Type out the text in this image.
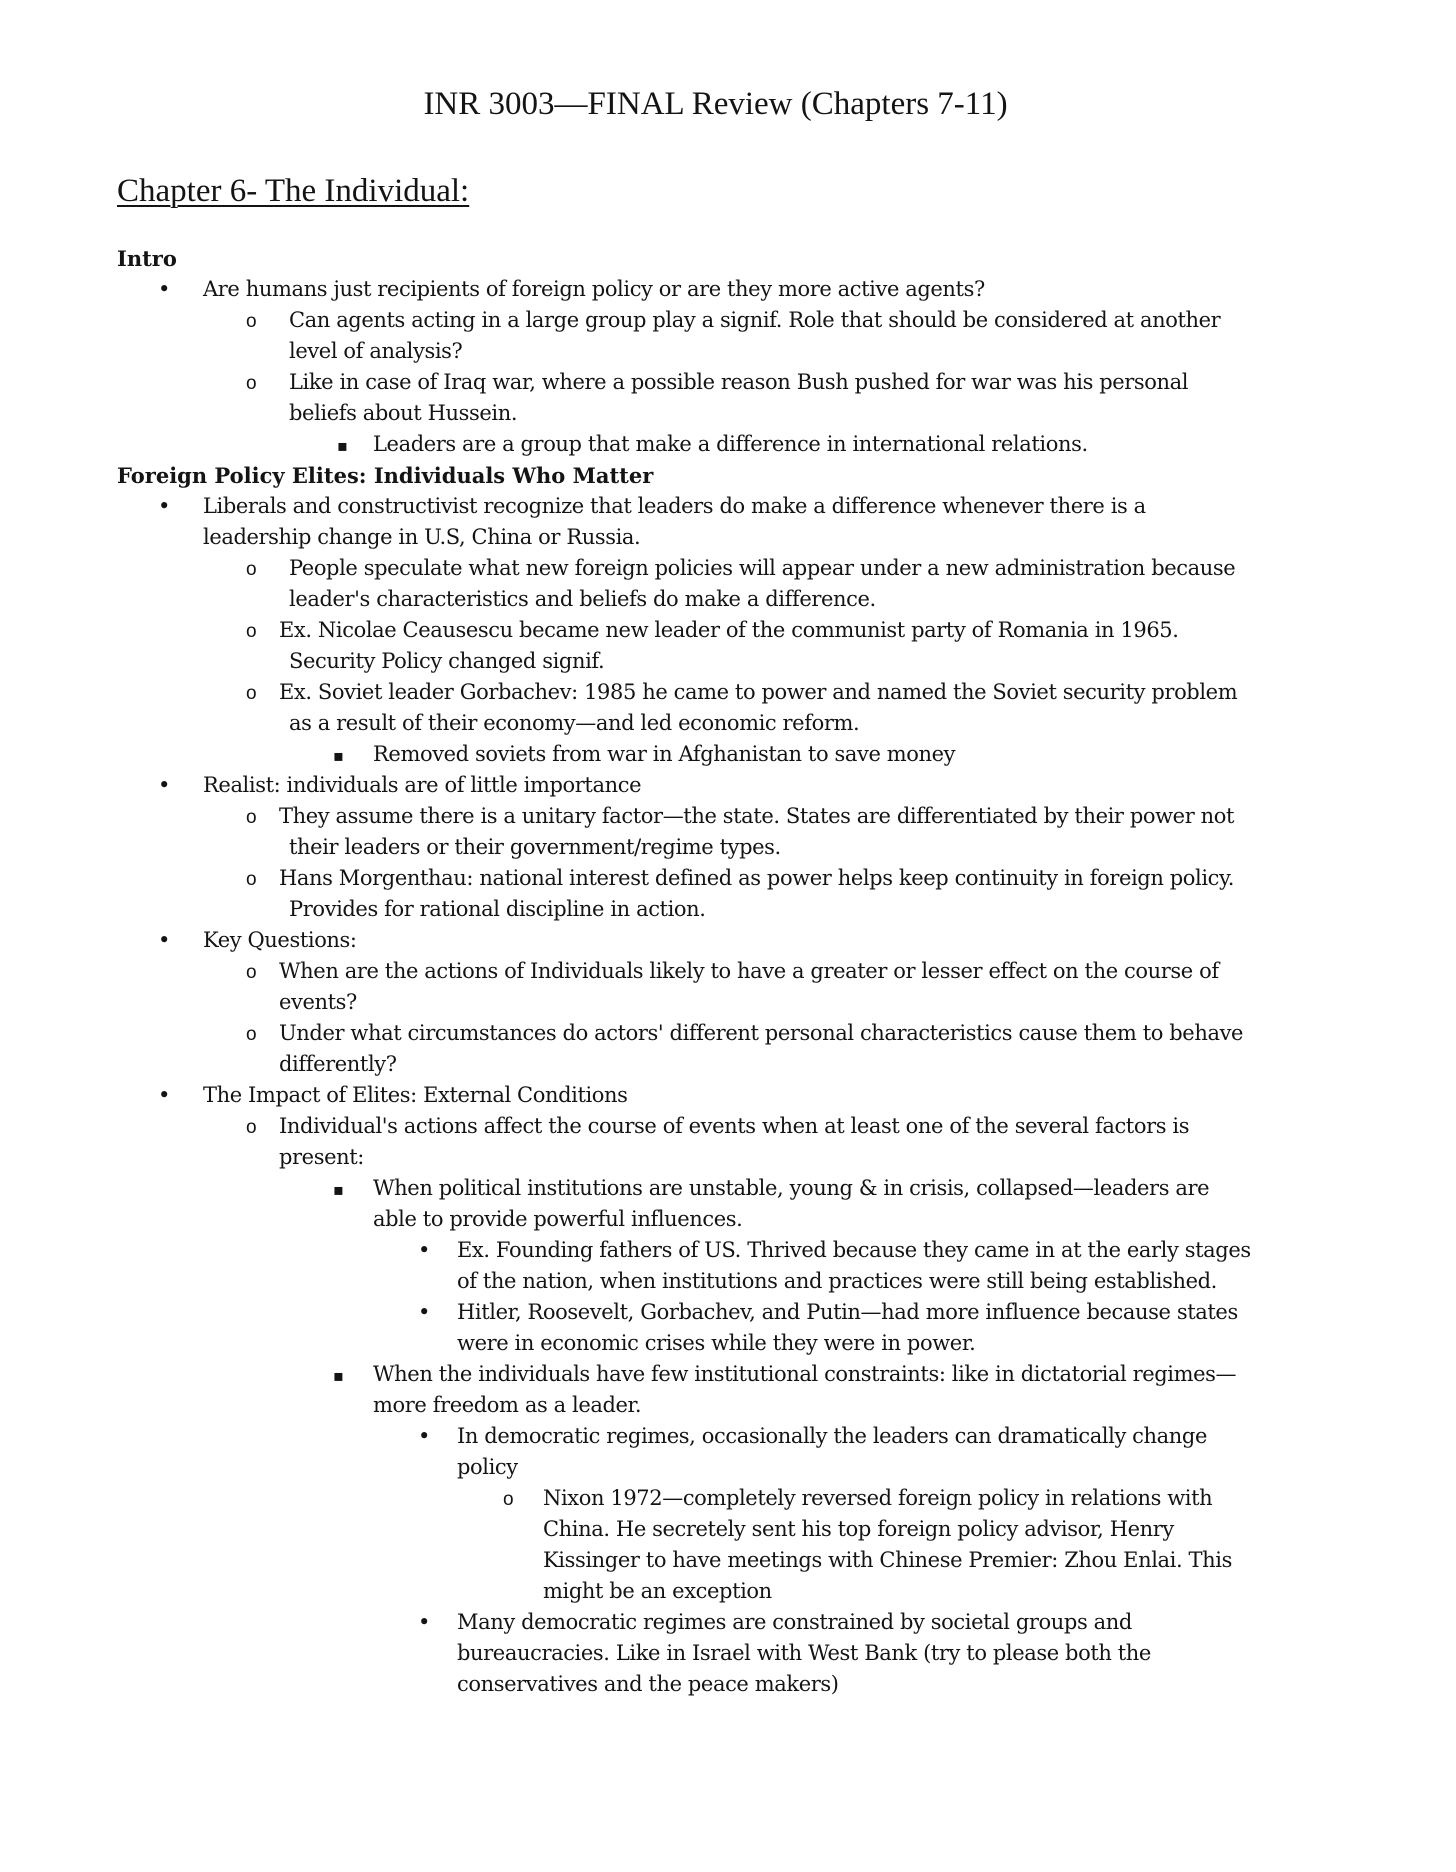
INR 3003—FINAL Review (Chapters 7-11)
Chapter 6- The Individual:
Intro
•
Are humans just recipients of foreign policy or are they more active agents?
o
Can agents acting in a large group play a signif. Role that should be considered at another
level of analysis?
o
Like in case of Iraq war, where a possible reason Bush pushed for war was his personal
beliefs about Hussein.
▪
Leaders are a group that make a difference in international relations.
Foreign Policy Elites: Individuals Who Matter
•
Liberals and constructivist recognize that leaders do make a difference whenever there is a
leadership change in U.S, China or Russia.
o
People speculate what new foreign policies will appear under a new administration because
leader's characteristics and beliefs do make a difference.
o
Ex. Nicolae Ceausescu became new leader of the communist party of Romania in 1965.
Security Policy changed signif.
o
Ex. Soviet leader Gorbachev: 1985 he came to power and named the Soviet security problem
as a result of their economy—and led economic reform.
▪
Removed soviets from war in Afghanistan to save money
•
Realist: individuals are of little importance
o
They assume there is a unitary factor—the state. States are differentiated by their power not
their leaders or their government/regime types.
o
Hans Morgenthau: national interest defined as power helps keep continuity in foreign policy.
Provides for rational discipline in action.
•
Key Questions:
o
When are the actions of Individuals likely to have a greater or lesser effect on the course of
events?
o
Under what circumstances do actors' different personal characteristics cause them to behave
differently?
•
The Impact of Elites: External Conditions
o
Individual's actions affect the course of events when at least one of the several factors is
present:
▪
When political institutions are unstable, young & in crisis, collapsed—leaders are
able to provide powerful influences.
•
Ex. Founding fathers of US. Thrived because they came in at the early stages
of the nation, when institutions and practices were still being established.
•
Hitler, Roosevelt, Gorbachev, and Putin—had more influence because states
were in economic crises while they were in power.
▪
When the individuals have few institutional constraints: like in dictatorial regimes—
more freedom as a leader.
•
In democratic regimes, occasionally the leaders can dramatically change
policy
o
Nixon 1972—completely reversed foreign policy in relations with
China. He secretely sent his top foreign policy advisor, Henry
Kissinger to have meetings with Chinese Premier: Zhou Enlai. This
might be an exception
•
Many democratic regimes are constrained by societal groups and
bureaucracies. Like in Israel with West Bank (try to please both the
conservatives and the peace makers)
